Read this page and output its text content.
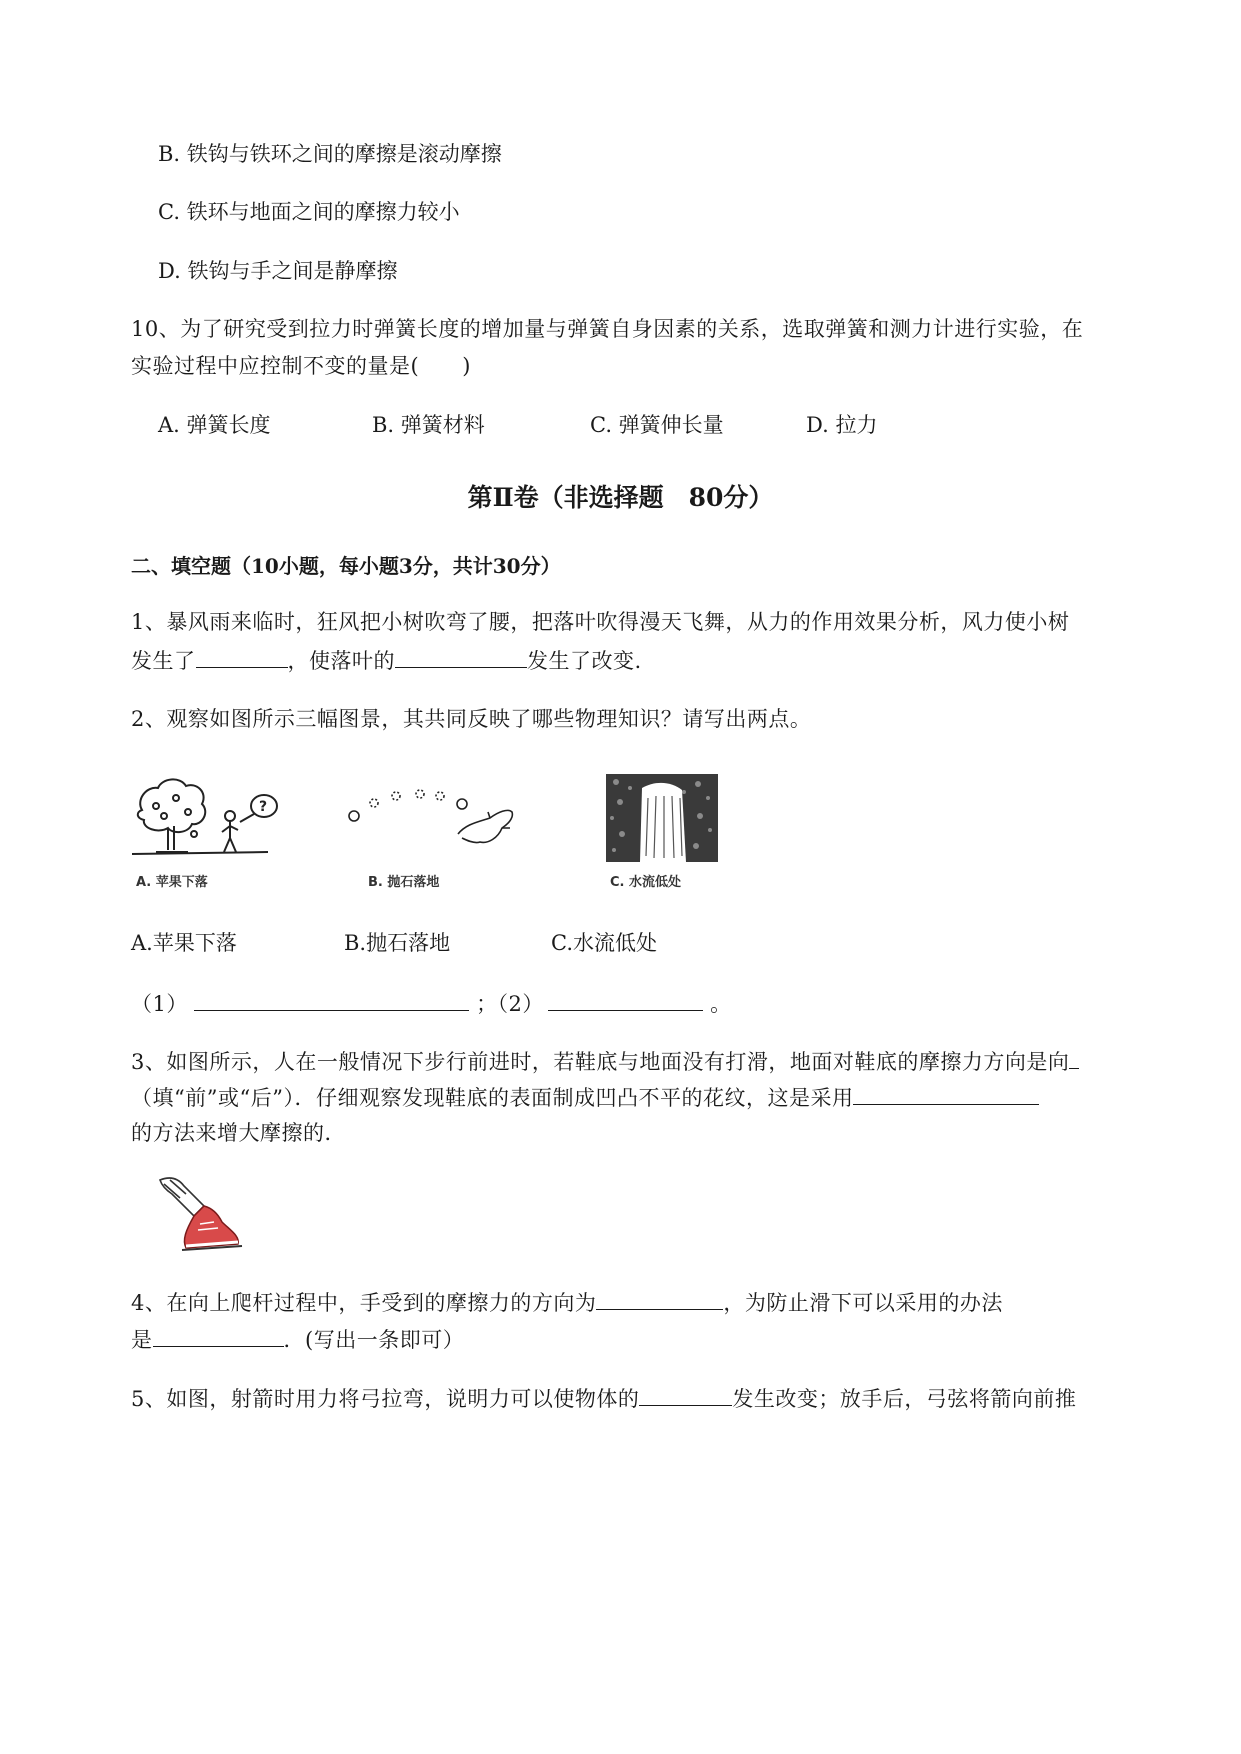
B. 铁钩与铁环之间的摩擦是滚动摩擦
C. 铁环与地面之间的摩擦力较小
D. 铁钩与手之间是静摩擦
10、为了研究受到拉力时弹簧长度的增加量与弹簧自身因素的关系，选取弹簧和测力计进行实验，在
实验过程中应控制不变的量是(　　)
A. 弹簧长度	B. 弹簧材料	C. 弹簧伸长量	D. 拉力
第Ⅱ卷（非选择题　80分）
二、填空题（10小题，每小题3分，共计30分）
1、暴风雨来临时，狂风把小树吹弯了腰，把落叶吹得漫天飞舞，从力的作用效果分析，风力使小树
发生了	，使落叶的	发生了改变.
2、观察如图所示三幅图景，其共同反映了哪些物理知识？请写出两点。
?
A. 苹果下落	B. 抛石落地	C. 水流低处
A.苹果下落	B.抛石落地	C.水流低处
（1）	；（2）	。
3、如图所示，人在一般情况下步行前进时，若鞋底与地面没有打滑，地面对鞋底的摩擦力方向是向
（填“前”或“后”）．仔细观察发现鞋底的表面制成凹凸不平的花纹，这是采用
的方法来增大摩擦的．
4、在向上爬杆过程中，手受到的摩擦力的方向为	，为防止滑下可以采用的办法
是	．(写出一条即可）
5、如图，射箭时用力将弓拉弯，说明力可以使物体的	发生改变；放手后，弓弦将箭向前推
